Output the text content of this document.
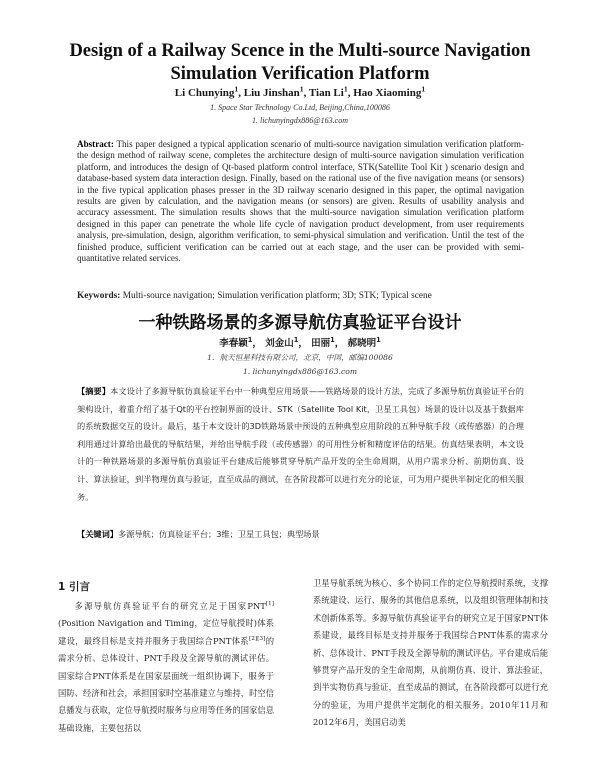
Design of a Railway Scence in the Multi-source Navigation Simulation Verification Platform
Li Chunying$^1$, Liu Jinshan$^1$, Tian Li$^1$, Hao Xiaoming$^1$
1. Space Star Technology Co.Ltd, Beijing,China,100086
1. lichunyingdx886@163.com
Abstract: This paper designed a typical application scenario of multi-source navigation simulation verification platform-the design method of railway scene, completes the architecture design of multi-source navigation simulation verification platform, and introduces the design of Qt-based platform control interface, STK(Satellite Tool Kit ) scenario design and database-based system data interaction design. Finally, based on the rational use of the five navigation means (or sensors) in the five typical application phases presser in the 3D railway scenario designed in this paper, the optimal navigation results are given by calculation, and the navigation means (or sensors) are given. Results of usability analysis and accuracy assessment. The simulation results shows that the multi-source navigation simulation verification platform designed in this paper can penetrate the whole life cycle of navigation product development, from user requirements analysis, pre-simulation, design, algorithm verification, to semi-physical simulation and verification. Until the test of the finished produce, sufficient verification can be carried out at each stage, and the user can be provided with semi-quantitative related services.
Keywords: Multi-source navigation; Simulation verification platform; 3D; STK; Typical scene
一种铁路场景的多源导航仿真验证平台设计
李春颖$^1$， 刘金山$^1$， 田丽$^1$， 郝晓明$^1$
1．航天恒星科技有限公司，北京，中国，邮编100086
1. lichunyingdx886@163.com
【摘要】本文设计了多源导航仿真验证平台中一种典型应用场景——铁路场景的设计方法，完成了多源导航仿真验证平台的架构设计，着重介绍了基于Qt的平台控制界面的设计、STK（Satellite Tool Kit，卫星工具包）场景的设计以及基于数据库的系统数据交互的设计。最后，基于本文设计的3D铁路场景中预设的五种典型应用阶段的五种导航手段（或传感器）的合理利用通过计算给出最优的导航结果，并给出导航手段（或传感器）的可用性分析和精度评估的结果。仿真结果表明，本文设计的一种铁路场景的多源导航仿真验证平台建成后能够贯穿导航产品开发的全生命周期，从用户需求分析、前期仿真、设计、算法验证，到半物理仿真与验证，直至成品的测试，在各阶段都可以进行充分的论证，可为用户提供半制定化的相关服务。
【关键词】多源导航；仿真验证平台；3维；卫星工具包；典型场景
1 引言
多源导航仿真验证平台的研究立足于国家PNT[1](Position Navigation and Timing，定位导航授时)体系建设，最终目标是支持并服务于我国综合PNT体系[2][3]的需求分析、总体设计、PNT手段及全源导航的测试评估。国家综合PNT体系是在国家层面统一组织协调下，服务于国防、经济和社会，承担国家时空基准建立与维持，时空信息播发与获取，定位导航授时服务与应用等任务的国家信息基础设施，主要包括以
卫星导航系统为核心、多个协同工作的定位导航授时系统，支撑系统建设、运行、服务的其他信息系统，以及组织管理体制和技术创新体系等。多源导航仿真验证平台的研究立足于国家PNT体系建设，最终目标是支持并服务于我国综合PNT体系的需求分析、总体设计、PNT手段及全源导航的测试评估。平台建成后能够贯穿产品开发的全生命周期，从前期仿真、设计、算法验证，到半实物仿真与验证，直至成品的测试，在各阶段都可以进行充分的验证，为用户提供半定制化的相关服务。2010年11月和2012年6月，美国启动美
